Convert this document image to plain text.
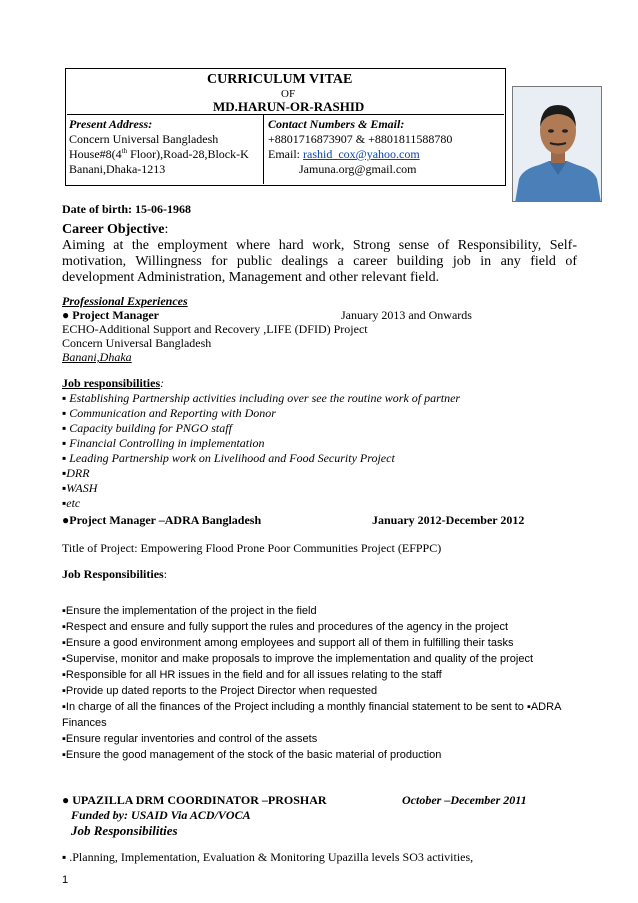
CURRICULUM VITAE
OF
MD.HARUN-OR-RASHID
Present Address:
Concern Universal Bangladesh
House#8(4th Floor),Road-28,Block-K
Banani,Dhaka-1213
Contact Numbers & Email:
+8801716873907 & +8801811588780
Email: rashid_cox@yahoo.com
Jamuna.org@gmail.com
Date of birth: 15-06-1968
Career Objective:
Aiming at the employment where hard work, Strong sense of Responsibility, Self-motivation, Willingness for public dealings a career building job in any field of development Administration, Management and other relevant field.
Professional Experiences
● Project Manager	January 2013 and Onwards
ECHO-Additional Support and Recovery ,LIFE (DFID) Project
Concern Universal Bangladesh
Banani,Dhaka
Job responsibilities:
▪ Establishing Partnership activities including over see the routine work of partner
▪ Communication and Reporting with Donor
▪ Capacity building for PNGO staff
▪ Financial Controlling in implementation
▪ Leading Partnership work on Livelihood and Food Security Project
▪DRR
▪WASH
▪etc
●Project Manager –ADRA Bangladesh	January 2012-December 2012
Title of Project: Empowering Flood Prone Poor Communities Project (EFPPC)
Job Responsibilities:
▪Ensure the implementation of the project in the field
▪Respect and ensure and fully support the rules and procedures of the agency in the project
▪Ensure a good environment among employees and support all of them in fulfilling their tasks
▪Supervise, monitor and make proposals to improve the implementation and quality of the project
▪Responsible for all HR issues in the field and for all issues relating to the staff
▪Provide up dated reports to the Project Director when requested
▪In charge of all the finances of the Project including a monthly financial statement to be sent to ▪ADRA
Finances
▪Ensure regular inventories and control of the assets
▪Ensure the good management of the stock of the basic material of production
● UPAZILLA DRM COORDINATOR –PROSHAR	October –December 2011
Funded by: USAID Via ACD/VOCA
Job Responsibilities
▪ .Planning, Implementation, Evaluation & Monitoring Upazilla levels SO3 activities,
1
